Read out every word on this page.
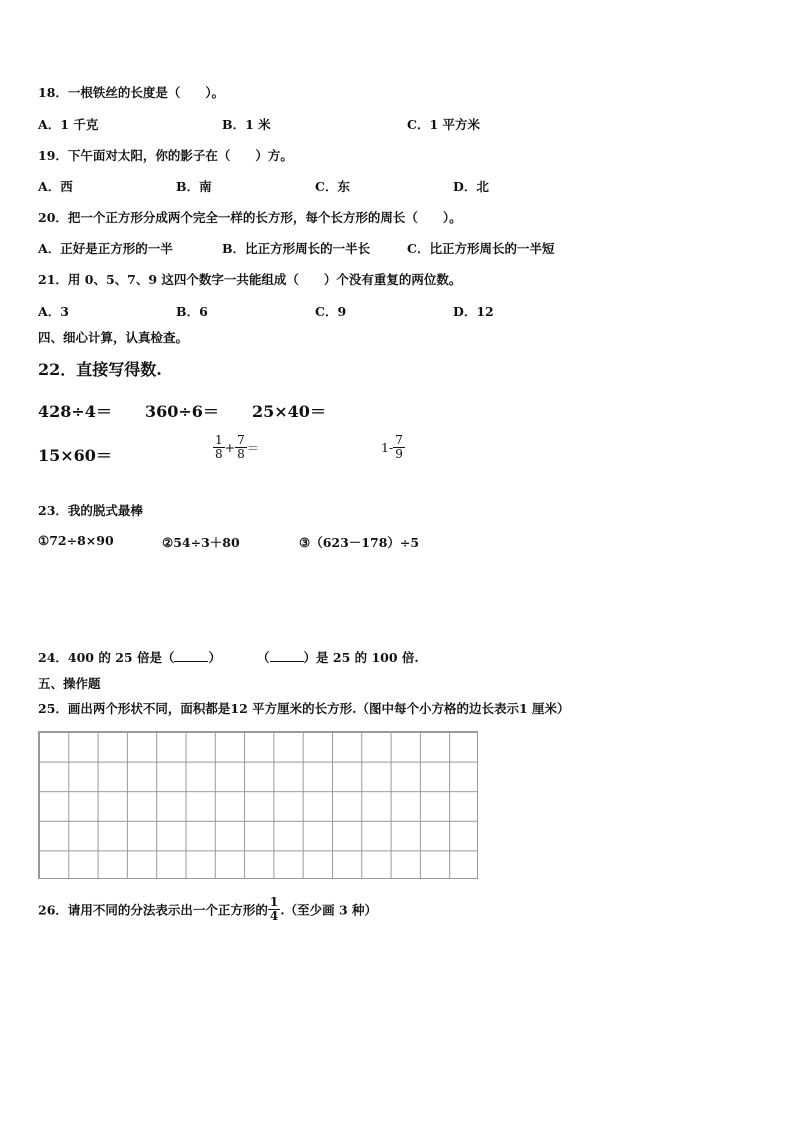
18．一根铁丝的长度是（　　）。
A．1 千克	B．1 米	C．1 平方米
19．下午面对太阳，你的影子在（　　）方。
A．西	B．南	C．东	D．北
20．把一个正方形分成两个完全一样的长方形，每个长方形的周长（　　）。
A．正好是正方形的一半	B．比正方形周长的一半长	C．比正方形周长的一半短
21．用 0、5、7、9 这四个数字一共能组成（　　）个没有重复的两位数。
A．3	B．6	C．9	D．12
四、细心计算，认真检查。
22．直接写得数.
428÷4＝ 360÷6＝ 25×40＝
15×60＝	$\frac{1}{8} + \frac{7}{8}$ ＝	$1- \frac{7}{9}$
23．我的脱式最棒
①72÷8×90	②54÷3＋80	③（623－178）÷5
24．400 的 25 倍是（	）	（	）是 25 的 100 倍.
五、操作题
25．画出两个形状不同，面积都是12 平方厘米的长方形.（图中每个小方格的边长表示1 厘米）
26．请用不同的分法表示出一个正方形的 $\frac{1}{4}$ .（至少画 3 种）
